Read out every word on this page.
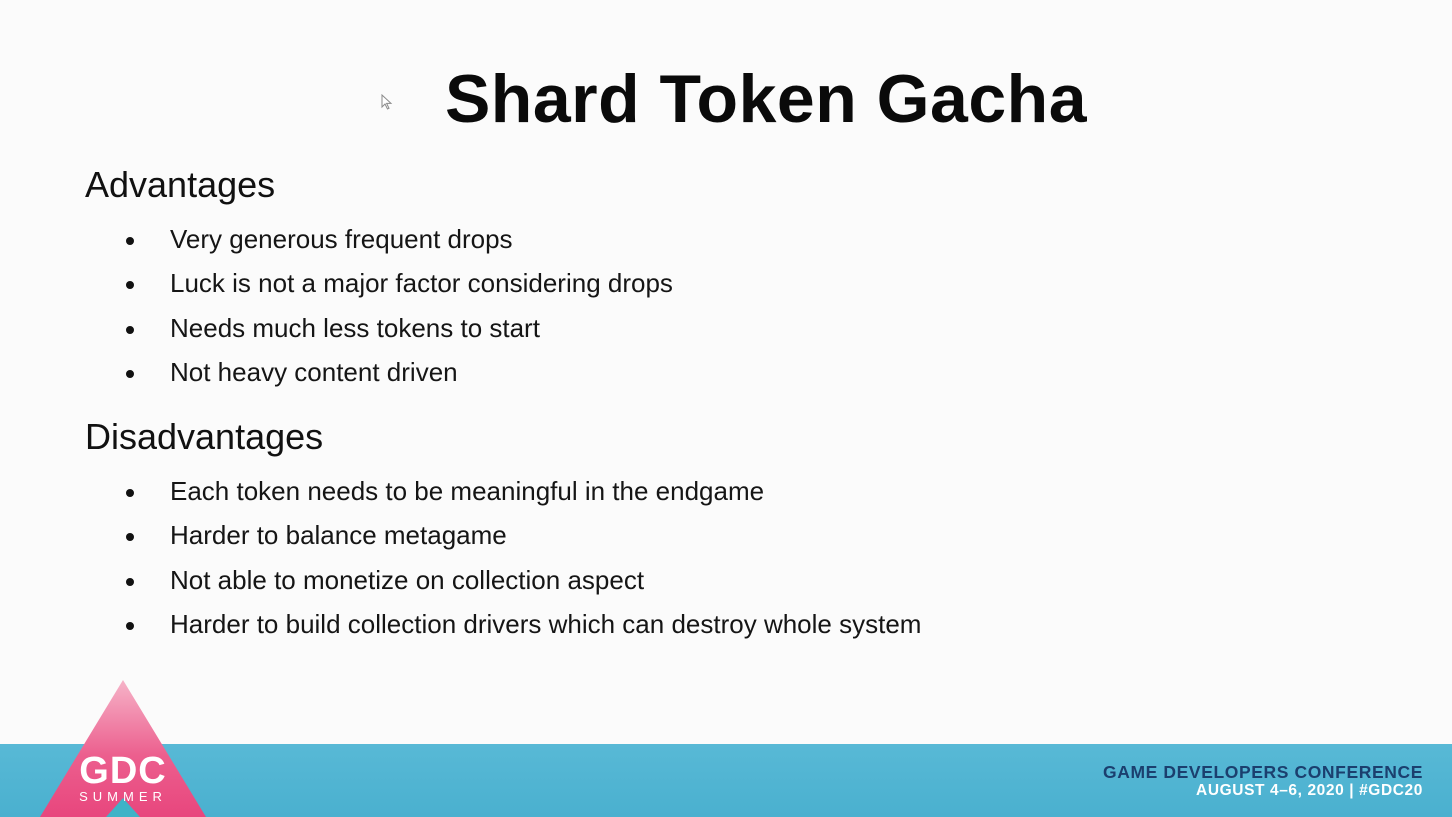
Shard Token Gacha
Advantages
Very generous frequent drops
Luck is not a major factor considering drops
Needs much less tokens to start
Not heavy content driven
Disadvantages
Each token needs to be meaningful in the endgame
Harder to balance metagame
Not able to monetize on collection aspect
Harder to build collection drivers which can destroy whole system
GDC
SUMMER
GAME DEVELOPERS CONFERENCE
AUGUST 4–6, 2020 | #GDC20
